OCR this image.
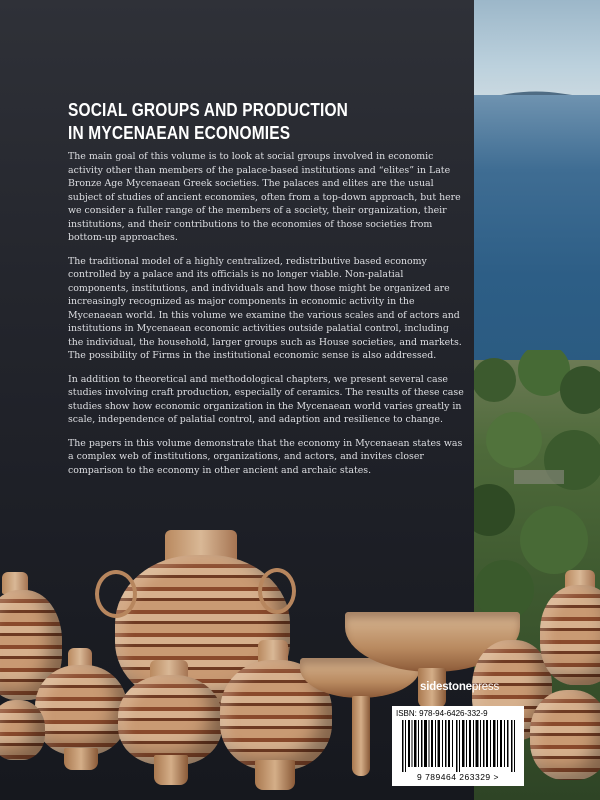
SOCIAL GROUPS AND PRODUCTION
IN MYCENAEAN ECONOMIES

The main goal of this volume is to look at social groups involved in economic activity other than members of the palace-based institutions and “elites” in Late Bronze Age Mycenaean Greek societies. The palaces and elites are the usual subject of studies of ancient economies, often from a top-down approach, but here we consider a fuller range of the members of a society, their organization, their institutions, and their contributions to the economies of those societies from bottom-up approaches.

The traditional model of a highly centralized, redistributive based economy controlled by a palace and its officials is no longer viable. Non-palatial components, institutions, and individuals and how those might be organized are increasingly recognized as major components in economic activity in the Mycenaean world. In this volume we examine the various scales and of actors and institutions in Mycenaean economic activities outside palatial control, including the individual, the household, larger groups such as House societies, and markets. The possibility of Firms in the institutional economic sense is also addressed.

In addition to theoretical and methodological chapters, we present several case studies involving craft production, especially of ceramics. The results of these case studies show how economic organization in the Mycenaean world varies greatly in scale, independence of palatial control, and adaption and resilience to change.

The papers in this volume demonstrate that the economy in Mycenaean states was a complex web of institutions, organizations, and actors, and invites closer comparison to the economy in other ancient and archaic states.

sidestonepress
ISBN: 978-94-6426-332-9
9 789464 263329 >
